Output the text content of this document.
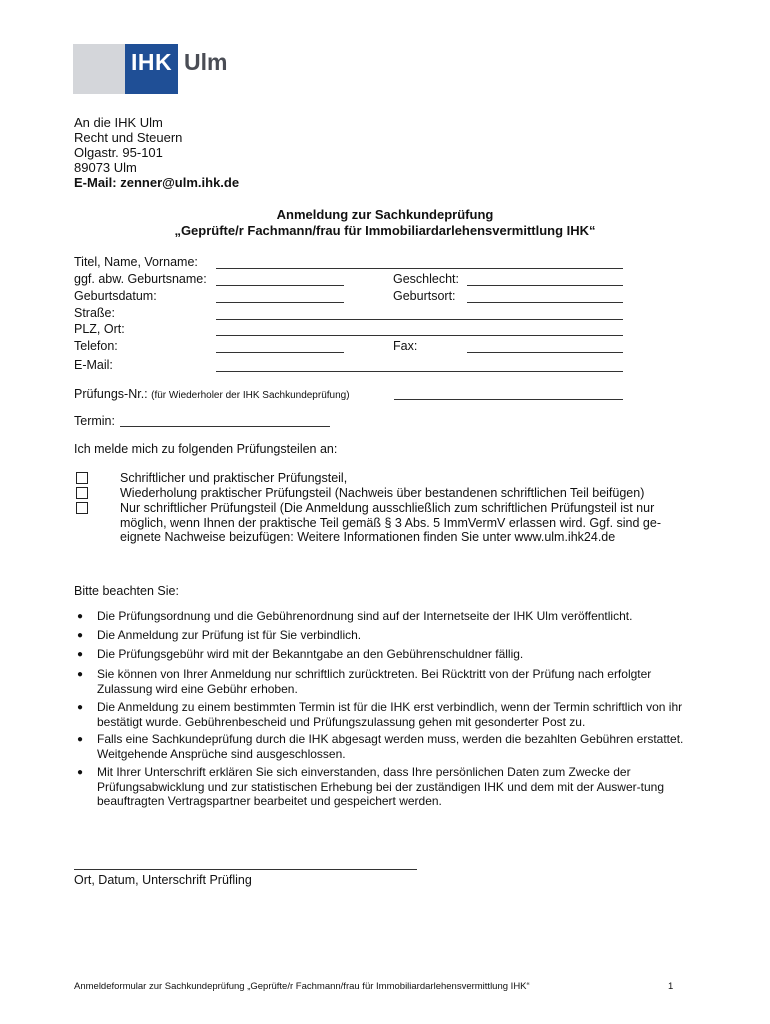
IHK Ulm
An die IHK Ulm
Recht und Steuern
Olgastr. 95-101
89073 Ulm
E-Mail: zenner@ulm.ihk.de
Anmeldung zur Sachkundeprüfung
„Geprüfte/r Fachmann/frau für Immobiliardarlehensvermittlung IHK“
Titel, Name, Vorname:
ggf. abw. Geburtsname:	Geschlecht:
Geburtsdatum:	Geburtsort:
Straße:
PLZ, Ort:
Telefon:	Fax:
E-Mail:
Prüfungs-Nr.: (für Wiederholer der IHK Sachkundeprüfung)
Termin:
Ich melde mich zu folgenden Prüfungsteilen an:
Schriftlicher und praktischer Prüfungsteil,
Wiederholung praktischer Prüfungsteil (Nachweis über bestandenen schriftlichen Teil beifügen)
Nur schriftlicher Prüfungsteil (Die Anmeldung ausschließlich zum schriftlichen Prüfungsteil ist nur möglich, wenn Ihnen der praktische Teil gemäß § 3 Abs. 5 ImmVermV erlassen wird. Ggf. sind ge-eignete Nachweise beizufügen: Weitere Informationen finden Sie unter www.ulm.ihk24.de
Bitte beachten Sie:
● Die Prüfungsordnung und die Gebührenordnung sind auf der Internetseite der IHK Ulm veröffentlicht.
● Die Anmeldung zur Prüfung ist für Sie verbindlich.
● Die Prüfungsgebühr wird mit der Bekanntgabe an den Gebührenschuldner fällig.
● Sie können von Ihrer Anmeldung nur schriftlich zurücktreten. Bei Rücktritt von der Prüfung nach erfolgter Zulassung wird eine Gebühr erhoben.
● Die Anmeldung zu einem bestimmten Termin ist für die IHK erst verbindlich, wenn der Termin schriftlich von ihr bestätigt wurde. Gebührenbescheid und Prüfungszulassung gehen mit gesonderter Post zu.
● Falls eine Sachkundeprüfung durch die IHK abgesagt werden muss, werden die bezahlten Gebühren erstattet. Weitgehende Ansprüche sind ausgeschlossen.
● Mit Ihrer Unterschrift erklären Sie sich einverstanden, dass Ihre persönlichen Daten zum Zwecke der Prüfungsabwicklung und zur statistischen Erhebung bei der zuständigen IHK und dem mit der Auswer-tung beauftragten Vertragspartner bearbeitet und gespeichert werden.
Ort, Datum, Unterschrift Prüfling
Anmeldeformular zur Sachkundeprüfung „Geprüfte/r Fachmann/frau für Immobiliardarlehensvermittlung IHK“	1
